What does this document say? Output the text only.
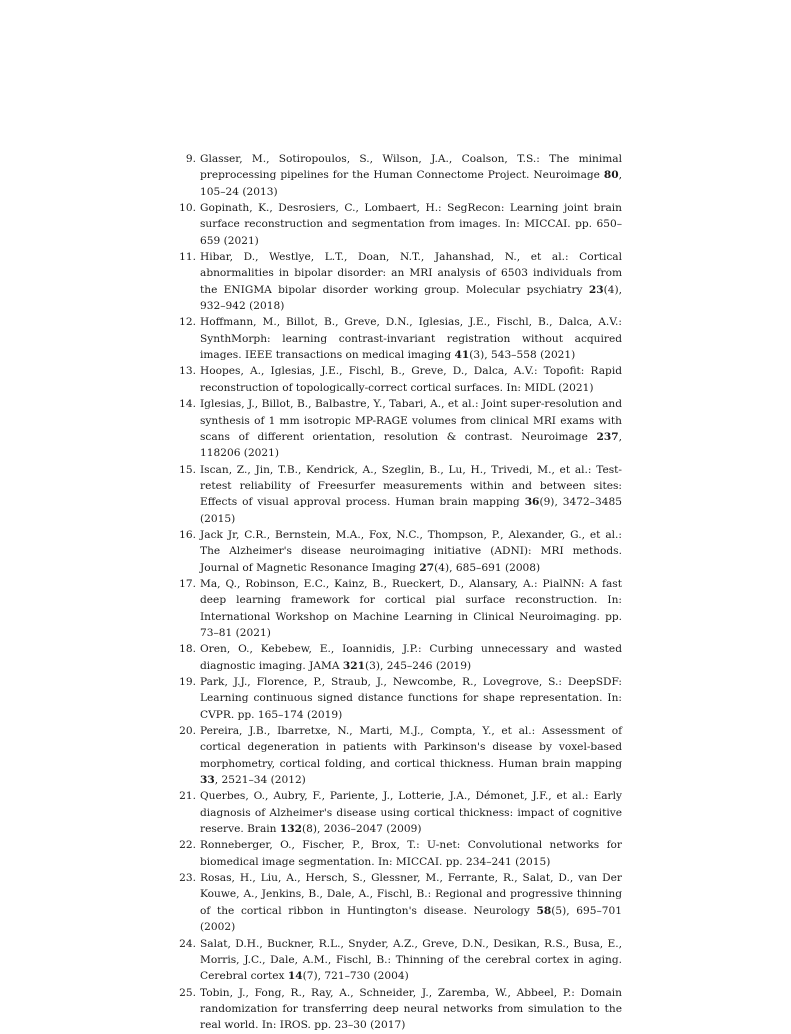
9. Glasser, M., Sotiropoulos, S., Wilson, J.A., Coalson, T.S.: The minimal preprocessing pipelines for the Human Connectome Project. Neuroimage 80, 105–24 (2013)
10. Gopinath, K., Desrosiers, C., Lombaert, H.: SegRecon: Learning joint brain surface reconstruction and segmentation from images. In: MICCAI. pp. 650–659 (2021)
11. Hibar, D., Westlye, L.T., Doan, N.T., Jahanshad, N., et al.: Cortical abnormalities in bipolar disorder: an MRI analysis of 6503 individuals from the ENIGMA bipolar disorder working group. Molecular psychiatry 23(4), 932–942 (2018)
12. Hoffmann, M., Billot, B., Greve, D.N., Iglesias, J.E., Fischl, B., Dalca, A.V.: SynthMorph: learning contrast-invariant registration without acquired images. IEEE transactions on medical imaging 41(3), 543–558 (2021)
13. Hoopes, A., Iglesias, J.E., Fischl, B., Greve, D., Dalca, A.V.: Topofit: Rapid reconstruction of topologically-correct cortical surfaces. In: MIDL (2021)
14. Iglesias, J., Billot, B., Balbastre, Y., Tabari, A., et al.: Joint super-resolution and synthesis of 1 mm isotropic MP-RAGE volumes from clinical MRI exams with scans of different orientation, resolution & contrast. Neuroimage 237, 118206 (2021)
15. Iscan, Z., Jin, T.B., Kendrick, A., Szeglin, B., Lu, H., Trivedi, M., et al.: Test-retest reliability of Freesurfer measurements within and between sites: Effects of visual approval process. Human brain mapping 36(9), 3472–3485 (2015)
16. Jack Jr, C.R., Bernstein, M.A., Fox, N.C., Thompson, P., Alexander, G., et al.: The Alzheimer's disease neuroimaging initiative (ADNI): MRI methods. Journal of Magnetic Resonance Imaging 27(4), 685–691 (2008)
17. Ma, Q., Robinson, E.C., Kainz, B., Rueckert, D., Alansary, A.: PialNN: A fast deep learning framework for cortical pial surface reconstruction. In: International Workshop on Machine Learning in Clinical Neuroimaging. pp. 73–81 (2021)
18. Oren, O., Kebebew, E., Ioannidis, J.P.: Curbing unnecessary and wasted diagnostic imaging. JAMA 321(3), 245–246 (2019)
19. Park, J.J., Florence, P., Straub, J., Newcombe, R., Lovegrove, S.: DeepSDF: Learning continuous signed distance functions for shape representation. In: CVPR. pp. 165–174 (2019)
20. Pereira, J.B., Ibarretxe, N., Marti, M.J., Compta, Y., et al.: Assessment of cortical degeneration in patients with Parkinson's disease by voxel-based morphometry, cortical folding, and cortical thickness. Human brain mapping 33, 2521–34 (2012)
21. Querbes, O., Aubry, F., Pariente, J., Lotterie, J.A., Démonet, J.F., et al.: Early diagnosis of Alzheimer's disease using cortical thickness: impact of cognitive reserve. Brain 132(8), 2036–2047 (2009)
22. Ronneberger, O., Fischer, P., Brox, T.: U-net: Convolutional networks for biomedical image segmentation. In: MICCAI. pp. 234–241 (2015)
23. Rosas, H., Liu, A., Hersch, S., Glessner, M., Ferrante, R., Salat, D., van Der Kouwe, A., Jenkins, B., Dale, A., Fischl, B.: Regional and progressive thinning of the cortical ribbon in Huntington's disease. Neurology 58(5), 695–701 (2002)
24. Salat, D.H., Buckner, R.L., Snyder, A.Z., Greve, D.N., Desikan, R.S., Busa, E., Morris, J.C., Dale, A.M., Fischl, B.: Thinning of the cerebral cortex in aging. Cerebral cortex 14(7), 721–730 (2004)
25. Tobin, J., Fong, R., Ray, A., Schneider, J., Zaremba, W., Abbeel, P.: Domain randomization for transferring deep neural networks from simulation to the real world. In: IROS. pp. 23–30 (2017)
